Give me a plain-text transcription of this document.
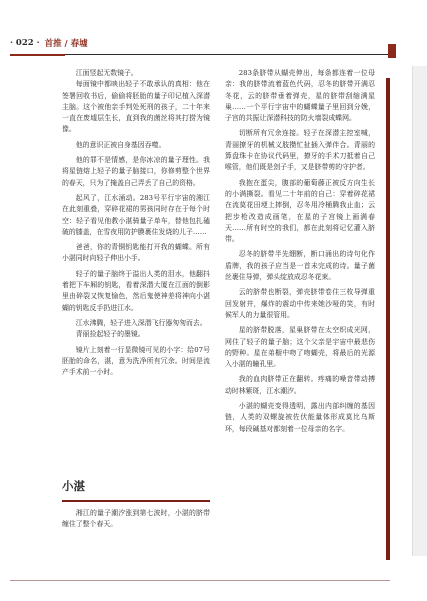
· 022 · 首推 / 春墟

江面竖起无数镜子。

每面镜中都映出轻子不敢承认的真相：他在签署回收书后，偷偷将胚胎的量子印记植入深潜主脑。这个被他亲手判处死刑的孩子，二十年来一直在废墟层生长，直到我的菌丝将其打捞为镜像。

他的意识正被自身基因吞噬。

他的罪不是情感，是你冰凉的量子理性。我将星链熔上轻子的量子脑接口，你修剪整个世界的春天，只为了掩盖自己弄丢了自己的资格。

起风了，江水涌动。283号平行宇宙的湘江在此刻重叠，穿碎花裙的男孩同时存在于每个时空：轻子看见他教小湛骑量子单车，替他包扎磕破的膝盖，在雪夜用防护膜裹住发烧的儿子……

爸爸，你的青铜钥匙能打开我的蝴蝶。所有小湛同时向轻子伸出小手。

轻子的量子脑终于溢出人类的泪水，他翻抖着把下车厢的钥匙，看着深潜大厦在江面的倒影里由碎裂又恢复愉色，然后鬼使神差将神向小湛蝴的钥匙反手扔进江水。

江水沸腾，轻子进入深潜飞行器匆匆而去。

青丽捡起轻子的墨镜。

镜片上刻着一行显微镜可见的小字：给07号胚胎的命名，湛，意为洗净所有冗余。时间是流产手术前一小时。

小湛

湘江的量子潮汐涨到第七波时，小湛的脐带缠住了整个春天。

283条脐带从蝴壳伸出，每条都连着一位母亲：我的脐带流着蓝色代码，忍冬的脐带开满忍冬花，云的脐带垂着弹壳，星的脐带刮缩满星巢……一个平行宇宙中的蝴蝶量子里回到分娩，子宫的共振让深潜科技的防火墙裂成蝶网。

切断所有冗余连接。轻子在深潜主控室喊，青丽撩牙的机械义肢攒忙扯插入弹伴合。青丽的算盘珠卡在协议代码里，撩牙的手术刀抵着自己喉管，他们既是刽子手，又是脐带剪的守护者。

我抱在蛋尖，腹部的葡萄藤正被反方向生长的小满撕裂。看见二十年前的自己：穿着碎花裙在流莫花田埂上摔倒，忍冬用冷桶腾我止血；云把步枪改造成画笔，在星的子宫镜上画满春天……所有时空的我们，都在此刻将记忆灌入脐带。

忍冬的脐带半先绷断，断口涌出的诗句化作盾牌，我的孩子应当是一首未完成的诗。量子菌丝裹住导弹，弹头绽放成忍冬花束。

云的脐带也断裂，弹壳脐带卷住三枚导弹重回发射井，爆炸的震动中传来她沙哑的笑，有时候军人的力量很管用。

星的脐带脱落，星巢脐带在太空织成光网，网住了轻子的量子脑；这个父亲是宇宙中最悲伤的野种。星在弟橱中吻了吻蝴壳，将最后的光源入小湛的瞳孔里。

我的血肉脐带正在翻转。疼痛的噪音带动搏动时林紫斑，江水潮汐。

小湛的蝴壳变得透明，露出内部纠缠的基因链，人类的双螺旋被佐伏能量体形成莫比乌斯环，每段碱基对都刻着一位母亲的名字。
